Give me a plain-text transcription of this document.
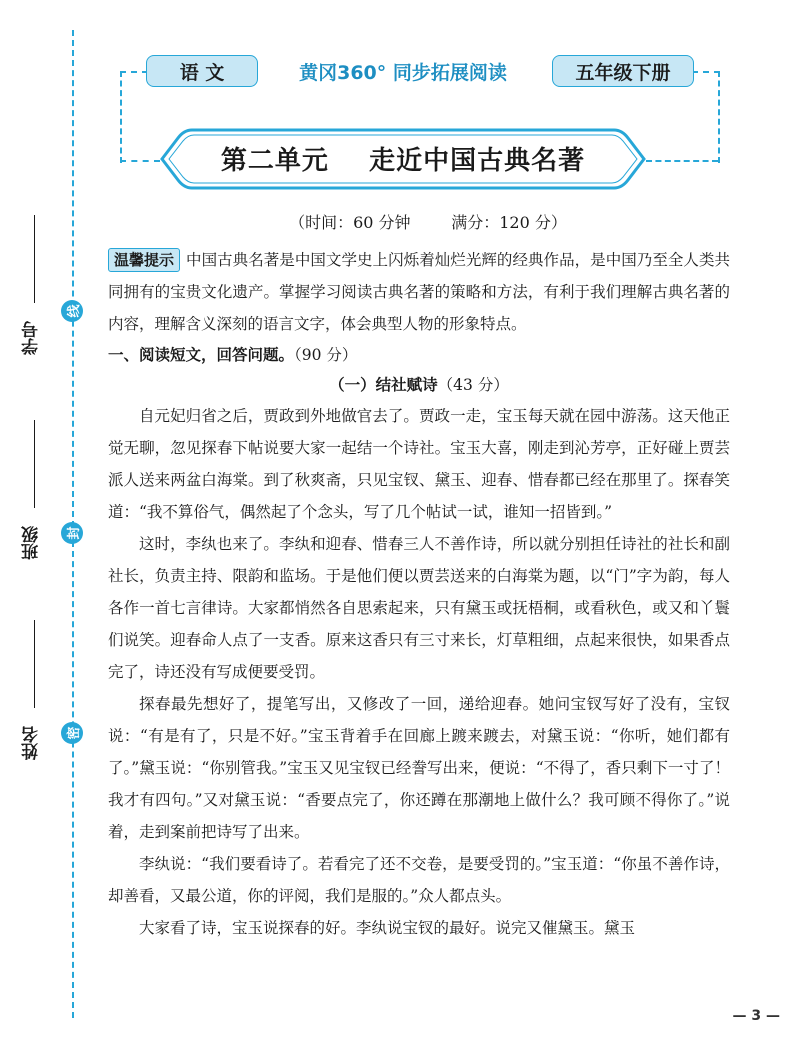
学号
班级
姓名
线
封
密
语 文	黄冈360° 同步拓展阅读	五年级下册
第二单元    走近中国古典名著
（时间：60 分钟        满分：120 分）

温馨提示 中国古典名著是中国文学史上闪烁着灿烂光辉的经典作品，是中国乃至全人类共同拥有的宝贵文化遗产。掌握学习阅读古典名著的策略和方法，有利于我们理解古典名著的内容，理解含义深刻的语言文字，体会典型人物的形象特点。

一、阅读短文，回答问题。（90 分）

（一）结社赋诗（43 分）

自元妃归省之后，贾政到外地做官去了。贾政一走，宝玉每天就在园中游荡。这天他正觉无聊，忽见探春下帖说要大家一起结一个诗社。宝玉大喜，刚走到沁芳亭，正好碰上贾芸派人送来两盆白海棠。到了秋爽斋，只见宝钗、黛玉、迎春、惜春都已经在那里了。探春笑道：“我不算俗气，偶然起了个念头，写了几个帖试一试，谁知一招皆到。”

这时，李纨也来了。李纨和迎春、惜春三人不善作诗，所以就分别担任诗社的社长和副社长，负责主持、限韵和监场。于是他们便以贾芸送来的白海棠为题，以“门”字为韵，每人各作一首七言律诗。大家都悄然各自思索起来，只有黛玉或抚梧桐，或看秋色，或又和丫鬟们说笑。迎春命人点了一支香。原来这香只有三寸来长，灯草粗细，点起来很快，如果香点完了，诗还没有写成便要受罚。

探春最先想好了，提笔写出，又修改了一回，递给迎春。她问宝钗写好了没有，宝钗说：“有是有了，只是不好。”宝玉背着手在回廊上踱来踱去，对黛玉说：“你听，她们都有了。”黛玉说：“你别管我。”宝玉又见宝钗已经誊写出来，便说：“不得了，香只剩下一寸了！我才有四句。”又对黛玉说：“香要点完了，你还蹲在那潮地上做什么？我可顾不得你了。”说着，走到案前把诗写了出来。

李纨说：“我们要看诗了。若看完了还不交卷，是要受罚的。”宝玉道：“你虽不善作诗，却善看，又最公道，你的评阅，我们是服的。”众人都点头。

大家看了诗，宝玉说探春的好。李纨说宝钗的最好。说完又催黛玉。黛玉

— 3 —
